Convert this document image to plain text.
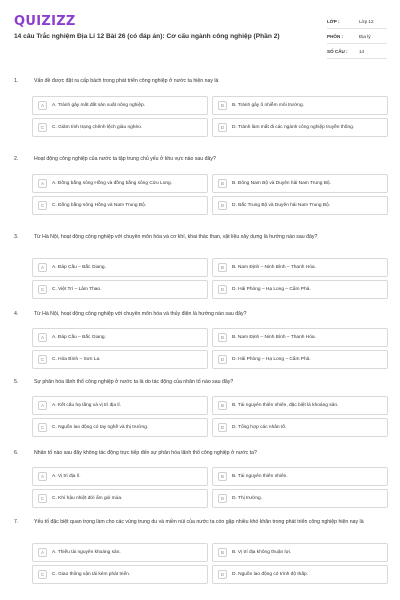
QUIZIZZ
14 câu Trắc nghiệm Địa Lí 12 Bài 26 (có đáp án): Cơ cấu ngành công nghiệp (Phần 2)
LỚP :	Lớp 12
PHÔN :	Địa lý
SỐ CÂU :	14
1.	Vấn đề được đặt ra cấp bách trong phát triển công nghiệp ở nước ta hiện nay là
A	A. Tránh gây mất đất sản xuất nông nghiệp.	B	B. Tránh gây ô nhiễm môi trường.
C	C. Giảm tính trạng chênh lệch giàu nghèo.	D	D. Tránh làm mất đi các ngành công nghiệp truyền thống.
2.	Hoạt động công nghiệp của nước ta tập trung chủ yếu ở khu vực nào sau đây?
A	A. Đồng bằng sông Hồng và đồng bằng sông Cửu Long.	B	B. Đông Nam Bộ và Duyên hải Nam Trung Bộ.
C	C. Đồng bằng sông Hồng và Nam Trung Bộ.	D	D. Bắc Trung Bộ và Duyên hải Nam Trung Bộ.
3.	Từ Hà Nội, hoạt động công nghiệp với chuyên môn hóa và cơ khí, khai thác than, vật liệu xây dựng là hướng nào sau đây?
A	A. Đáp Cầu – Bắc Giang.	B	B. Nam Định – Ninh Bình – Thanh Hóa.
C	C. Việt Trì – Lâm Thao.	D	D. Hải Phòng – Hạ Long – Cẩm Phả.
4.	Từ Hà Nội, hoạt động công nghiệp với chuyên môn hóa và thủy điện là hướng nào sau đây?
A	A. Đáp Cầu – Bắc Giang.	B	B. Nam Định – Ninh Bình – Thanh Hóa.
C	C. Hòa Bình – Sơn La.	D	D. Hải Phòng – Hạ Long – Cẩm Phả.
5.	Sự phân hóa lãnh thổ công nghiệp ở nước ta là do tác động của nhân tố nào sau đây?
A	A. Kết cấu hạ tầng và vị trí địa lí.	B	B. Tài nguyên thiên nhiên, đặc biệt là khoáng sản.
C	C. Nguồn lao động có tay nghề và thị trường.	D	D. Tổng hợp các nhân tố.
6.	Nhân tố nào sau đây không tác động trực tiếp đến sự phân hóa lãnh thổ công nghiệp ở nước ta?
A	A. Vị trí địa lí.	B	B. Tài nguyên thiên nhiên.
C	C. Khí hậu nhiệt đới ẩm gió mùa.	D	D. Thị trường.
7.	Yếu tố đặc biệt quan trọng làm cho các vùng trung du và miền núi của nước ta còn gặp nhiều khó khăn trong phát triển công nghiệp hiện nay là
A	A. Thiếu tài nguyên khoáng sản.	B	B. Vị trí địa không thuận lợi.
C	C. Giao thông vận tải kém phát triển.	D	D. Nguồn lao động có trình độ thấp.
